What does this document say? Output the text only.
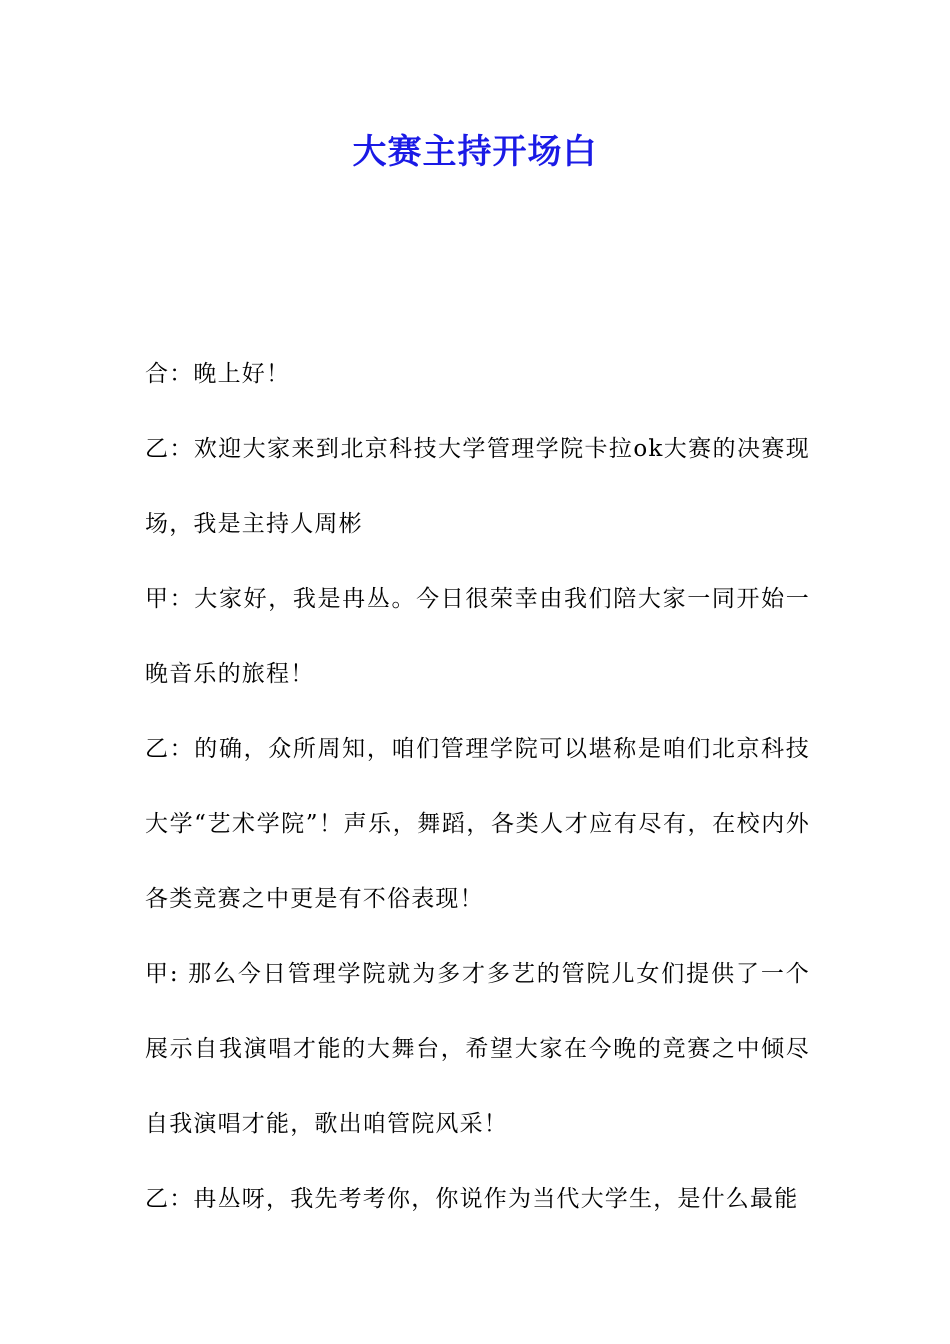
大赛主持开场白

合：晚上好！

乙：欢迎大家来到北京科技大学管理学院卡拉ok大赛的决赛现场，我是主持人周彬

甲：大家好，我是冉丛。今日很荣幸由我们陪大家一同开始一晚音乐的旅程！

乙：的确，众所周知，咱们管理学院可以堪称是咱们北京科技大学“艺术学院”！声乐，舞蹈，各类人才应有尽有，在校内外各类竞赛之中更是有不俗表现！

甲: 那么今日管理学院就为多才多艺的管院儿女们提供了一个展示自我演唱才能的大舞台，希望大家在今晚的竞赛之中倾尽自我演唱才能，歌出咱管院风采！

乙：冉丛呀，我先考考你，你说作为当代大学生，是什么最能
